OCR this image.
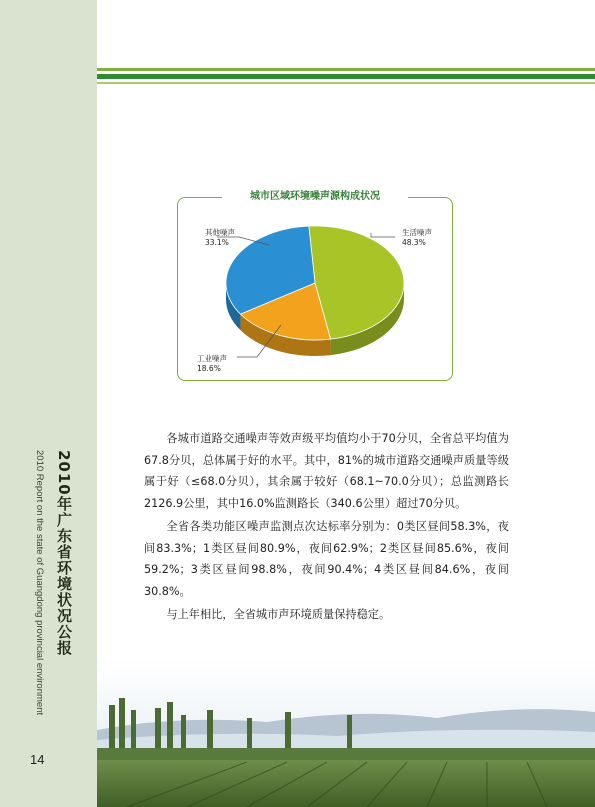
2010年广东省环境状况公报
2010 Report on the state of Guangdong provincial environment
14
城市区域环境噪声源构成状况
生活噪声
48.3%
其他噪声
33.1%
工业噪声
18.6%

各城市道路交通噪声等效声级平均值均小于70分贝，全省总平均值为67.8分贝，总体属于好的水平。其中，81%的城市道路交通噪声质量等级属于好（≤68.0分贝），其余属于较好（68.1~70.0分贝）；总监测路长2126.9公里，其中16.0%监测路长（340.6公里）超过70分贝。

全省各类功能区噪声监测点次达标率分别为：0类区昼间58.3%，夜间83.3%；1类区昼间80.9%，夜间62.9%；2类区昼间85.6%，夜间59.2%；3类区昼间98.8%，夜间90.4%；4类区昼间84.6%，夜间30.8%。

与上年相比，全省城市声环境质量保持稳定。
